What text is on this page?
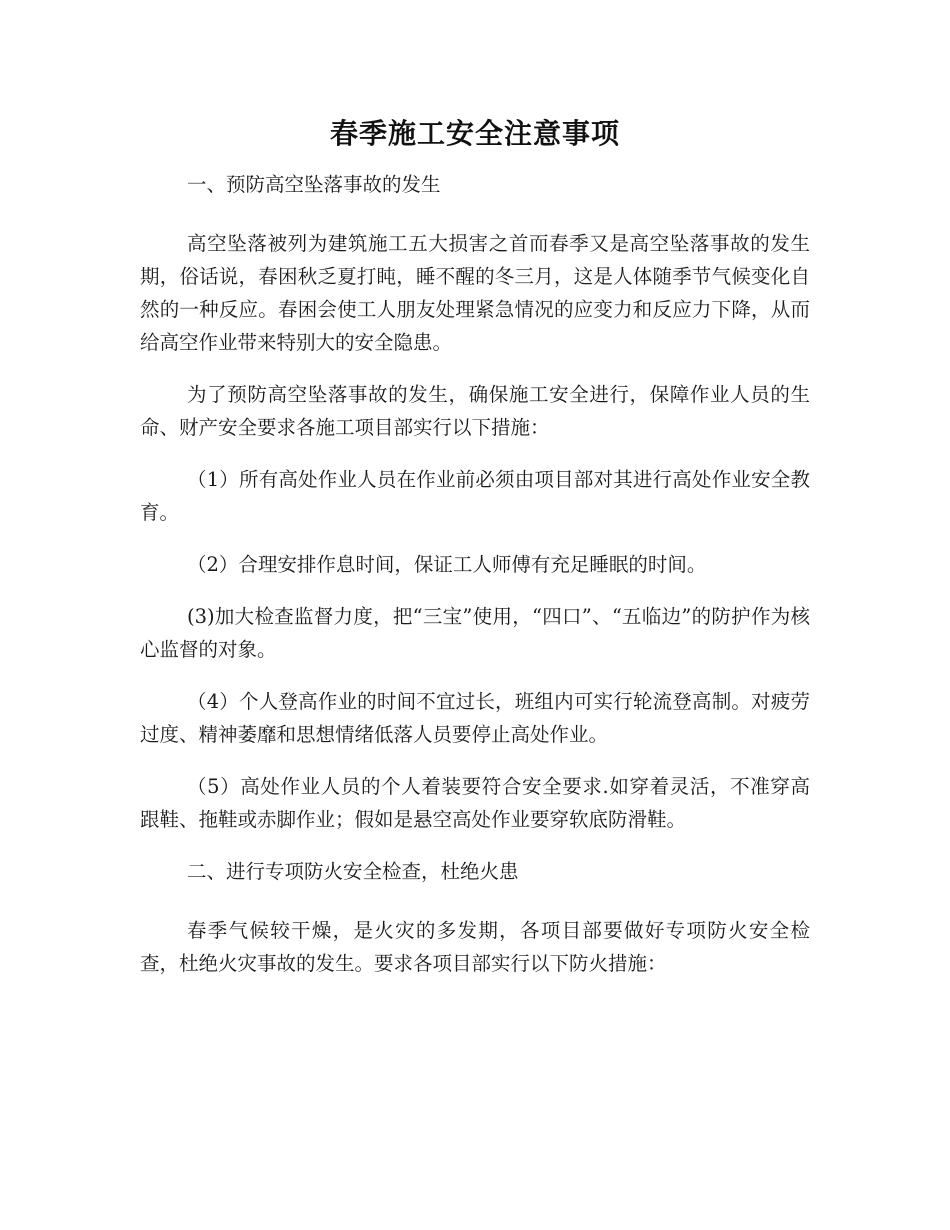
春季施工安全注意事项

一、预防高空坠落事故的发生

高空坠落被列为建筑施工五大损害之首而春季又是高空坠落事故的发生期，俗话说，春困秋乏夏打盹，睡不醒的冬三月，这是人体随季节气候变化自然的一种反应。春困会使工人朋友处理紧急情况的应变力和反应力下降，从而给高空作业带来特别大的安全隐患。

为了预防高空坠落事故的发生，确保施工安全进行，保障作业人员的生命、财产安全要求各施工项目部实行以下措施：

（1）所有高处作业人员在作业前必须由项目部对其进行高处作业安全教育。

（2）合理安排作息时间，保证工人师傅有充足睡眠的时间。

(3)加大检查监督力度，把“三宝”使用，“四口”、“五临边”的防护作为核心监督的对象。

（4）个人登高作业的时间不宜过长，班组内可实行轮流登高制。对疲劳过度、精神萎靡和思想情绪低落人员要停止高处作业。

（5）高处作业人员的个人着装要符合安全要求.如穿着灵活，不准穿高跟鞋、拖鞋或赤脚作业；假如是悬空高处作业要穿软底防滑鞋。

二、进行专项防火安全检查，杜绝火患

春季气候较干燥，是火灾的多发期，各项目部要做好专项防火安全检查，杜绝火灾事故的发生。要求各项目部实行以下防火措施：
